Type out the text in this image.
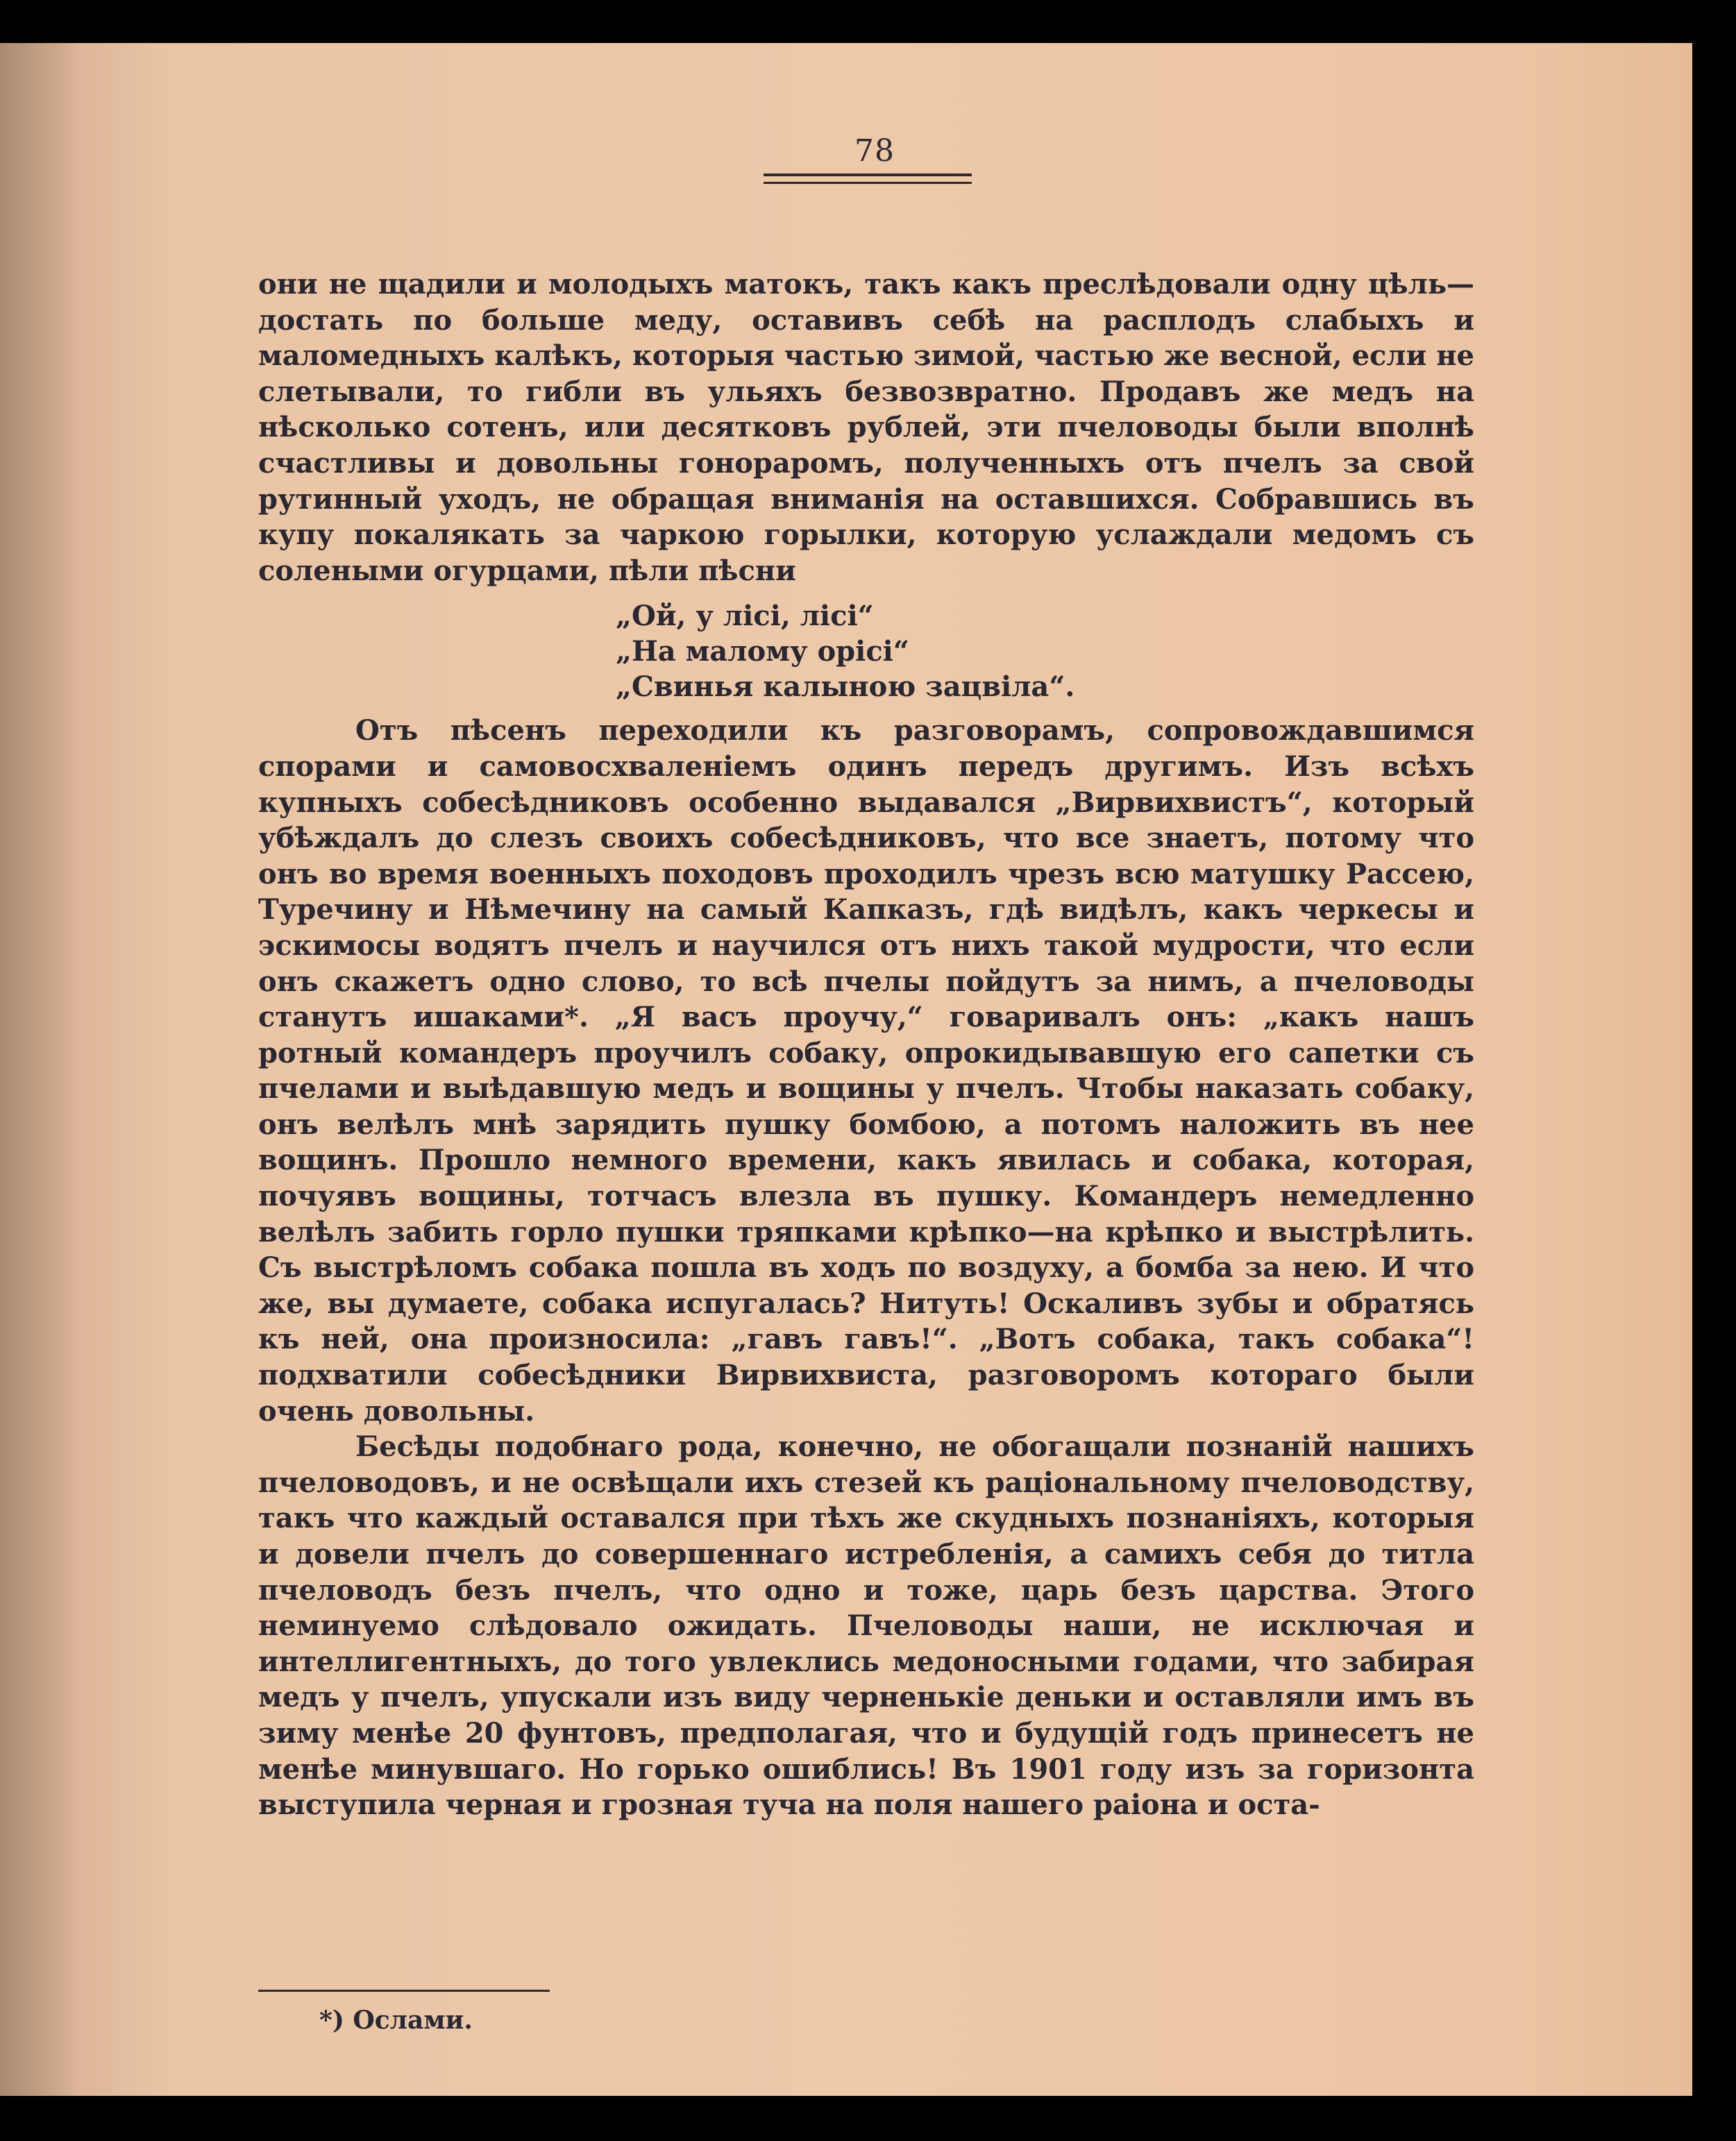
78

они не щадили и молодыхъ матокъ, такъ какъ преслѣдовали одну цѣль—достать по больше меду, оставивъ себѣ на расплодъ слабыхъ и маломедныхъ калѣкъ, которыя частью зимой, частью же весной, если не слетывали, то гибли въ ульяхъ безвозвратно. Продавъ же медъ на нѣсколько сотенъ, или десятковъ рублей, эти пчеловоды были вполнѣ счастливы и довольны гонораромъ, полученныхъ отъ пчелъ за свой рутинный уходъ, не обращая вниманія на оставшихся. Собравшись въ купу покалякать за чаркою горылки, которую услаждали медомъ съ солеными огурцами, пѣли пѣсни

„Ой, у лісі, лісі“
„На малому орісі“
„Свинья калыною зацвіла“.

Отъ пѣсенъ переходили къ разговорамъ, сопровождавшимся спорами и самовосхваленіемъ одинъ передъ другимъ. Изъ всѣхъ купныхъ собесѣдниковъ особенно выдавался „Вирвихвистъ“, который убѣждалъ до слезъ своихъ собесѣдниковъ, что все знаетъ, потому что онъ во время военныхъ походовъ проходилъ чрезъ всю матушку Рассею, Туречину и Нѣмечину на самый Капказъ, гдѣ видѣлъ, какъ черкесы и эскимосы водятъ пчелъ и научился отъ нихъ такой мудрости, что если онъ скажетъ одно слово, то всѣ пчелы пойдутъ за нимъ, а пчеловоды станутъ ишаками*. „Я васъ проучу,“ говаривалъ онъ: „какъ нашъ ротный командеръ проучилъ собаку, опрокидывавшую его сапетки съ пчелами и выѣдавшую медъ и вощины у пчелъ. Чтобы наказать собаку, онъ велѣлъ мнѣ зарядить пушку бомбою, а потомъ наложить въ нее вощинъ. Прошло немного времени, какъ явилась и собака, которая, почуявъ вощины, тотчасъ влезла въ пушку. Командеръ немедленно велѣлъ забить горло пушки тряпками крѣпко—на крѣпко и выстрѣлить. Съ выстрѣломъ собака пошла въ ходъ по воздуху, а бомба за нею. И что же, вы думаете, собака испугалась? Нитуть! Оскаливъ зубы и обратясь къ ней, она произносила: „гавъ гавъ!“. „Вотъ собака, такъ собака“! подхватили собесѣдники Вирвихвиста, разговоромъ котораго были очень довольны.

Бесѣды подобнаго рода, конечно, не обогащали познаній нашихъ пчеловодовъ, и не освѣщали ихъ стезей къ раціональному пчеловодству, такъ что каждый оставался при тѣхъ же скудныхъ познаніяхъ, которыя и довели пчелъ до совершеннаго истребленія, а самихъ себя до титла пчеловодъ безъ пчелъ, что одно и тоже, царь безъ царства. Этого неминуемо слѣдовало ожидать. Пчеловоды наши, не исключая и интеллигентныхъ, до того увлеклись медоносными годами, что забирая медъ у пчелъ, упускали изъ виду черненькіе деньки и оставляли имъ въ зиму менѣе 20 фунтовъ, предполагая, что и будущій годъ принесетъ не менѣе минувшаго. Но горько ошиблись! Въ 1901 году изъ за горизонта выступила черная и грозная туча на поля нашего раіона и оста-

*) Ослами.
